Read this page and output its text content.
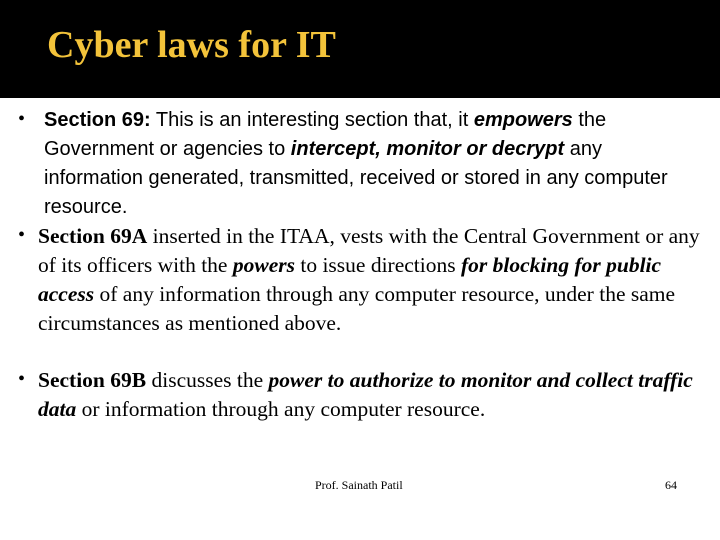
Cyber laws for IT
• Section 69: This is an interesting section that, it empowers the Government or agencies to intercept, monitor or decrypt any information generated, transmitted, received or stored in any computer resource.
• Section 69A inserted in the ITAA, vests with the Central Government or any of its officers with the powers to issue directions for blocking for public access of any information through any computer resource, under the same circumstances as mentioned above.
• Section 69B discusses the power to authorize to monitor and collect traffic data or information through any computer resource.
Prof. Sainath Patil	64
